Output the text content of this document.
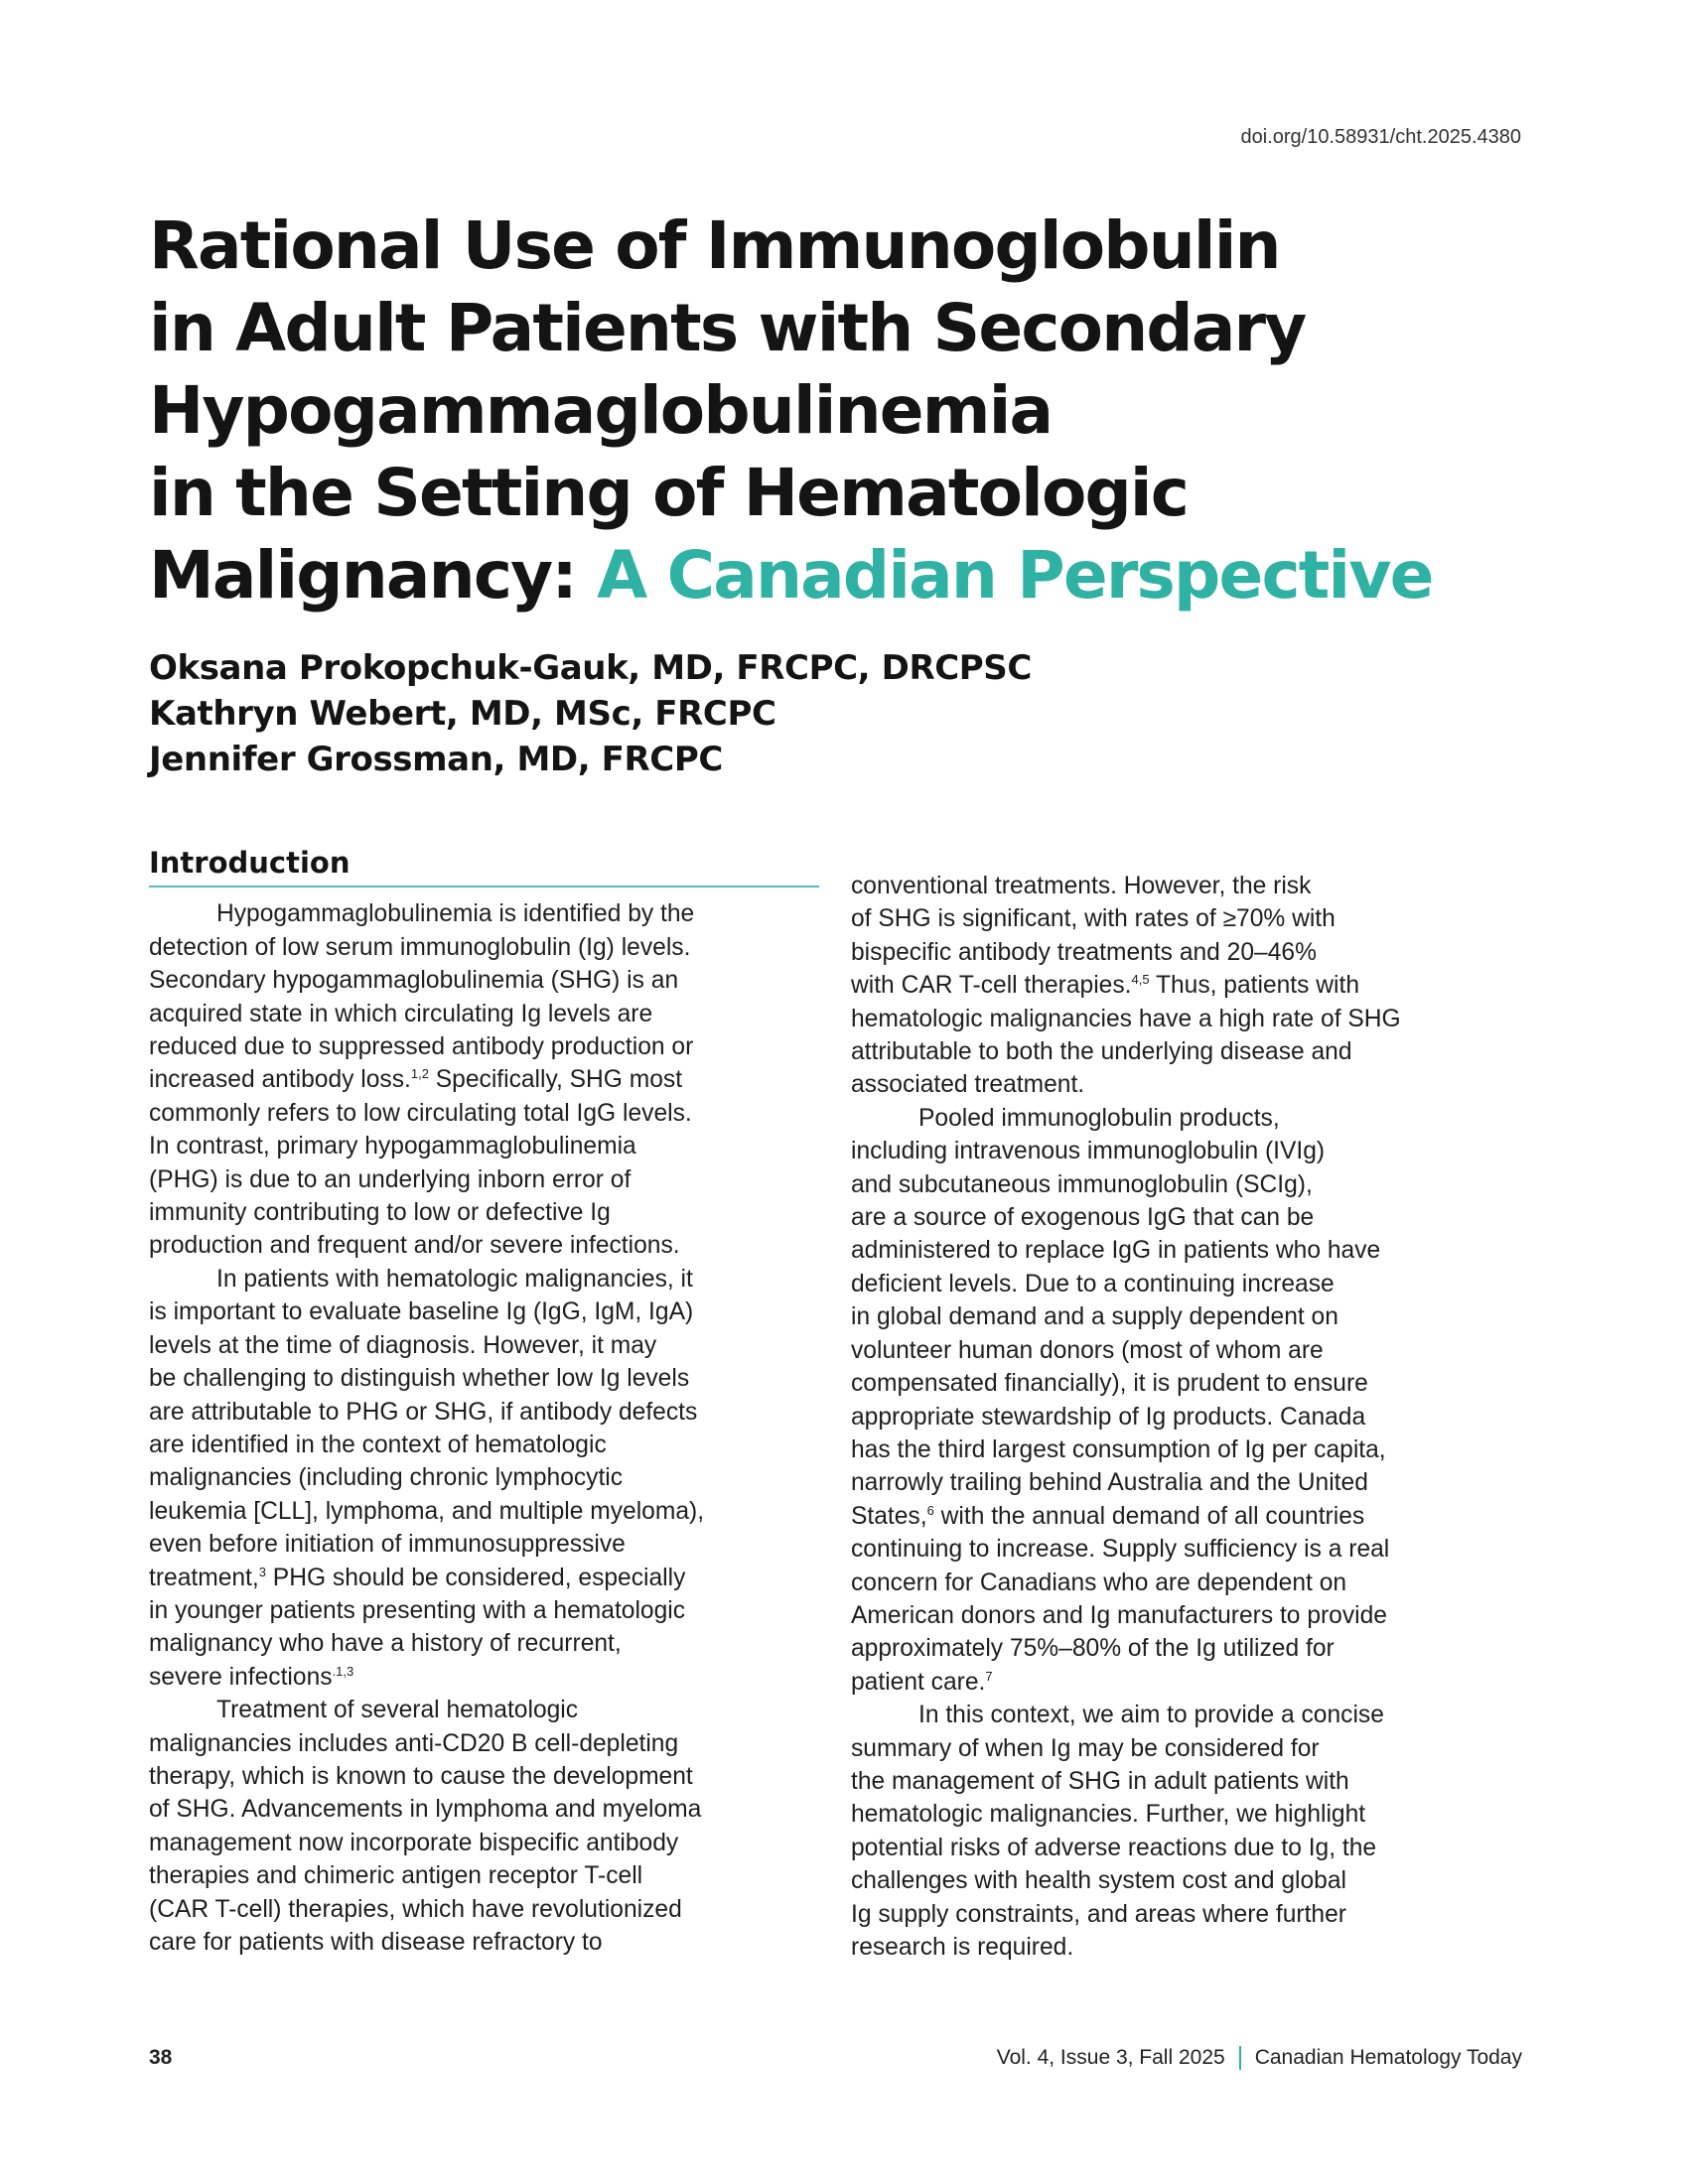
doi.org/10.58931/cht.2025.4380
Rational Use of Immunoglobulin
in Adult Patients with Secondary
Hypogammaglobulinemia
in the Setting of Hematologic
Malignancy: A Canadian Perspective
Oksana Prokopchuk-Gauk, MD, FRCPC, DRCPSC
Kathryn Webert, MD, MSc, FRCPC
Jennifer Grossman, MD, FRCPC
Introduction

Hypogammaglobulinemia is identified by the
detection of low serum immunoglobulin (Ig) levels.
Secondary hypogammaglobulinemia (SHG) is an
acquired state in which circulating Ig levels are
reduced due to suppressed antibody production or
increased antibody loss.$^{1,2}$ Specifically, SHG most
commonly refers to low circulating total IgG levels.
In contrast, primary hypogammaglobulinemia
(PHG) is due to an underlying inborn error of
immunity contributing to low or defective Ig
production and frequent and/or severe infections.

In patients with hematologic malignancies, it
is important to evaluate baseline Ig (IgG, IgM, IgA)
levels at the time of diagnosis. However, it may
be challenging to distinguish whether low Ig levels
are attributable to PHG or SHG, if antibody defects
are identified in the context of hematologic
malignancies (including chronic lymphocytic
leukemia [CLL], lymphoma, and multiple myeloma),
even before initiation of immunosuppressive
treatment,$^3$ PHG should be considered, especially
in younger patients presenting with a hematologic
malignancy who have a history of recurrent,
severe infections$^{.1,3}$

Treatment of several hematologic
malignancies includes anti-CD20 B cell-depleting
therapy, which is known to cause the development
of SHG. Advancements in lymphoma and myeloma
management now incorporate bispecific antibody
therapies and chimeric antigen receptor T-cell
(CAR T-cell) therapies, which have revolutionized
care for patients with disease refractory to

conventional treatments. However, the risk
of SHG is significant, with rates of ≥70% with
bispecific antibody treatments and 20–46%
with CAR T-cell therapies.$^{4,5}$ Thus, patients with
hematologic malignancies have a high rate of SHG
attributable to both the underlying disease and
associated treatment.

Pooled immunoglobulin products,
including intravenous immunoglobulin (IVIg)
and subcutaneous immunoglobulin (SCIg),
are a source of exogenous IgG that can be
administered to replace IgG in patients who have
deficient levels. Due to a continuing increase
in global demand and a supply dependent on
volunteer human donors (most of whom are
compensated financially), it is prudent to ensure
appropriate stewardship of Ig products. Canada
has the third largest consumption of Ig per capita,
narrowly trailing behind Australia and the United
States,$^6$ with the annual demand of all countries
continuing to increase. Supply sufficiency is a real
concern for Canadians who are dependent on
American donors and Ig manufacturers to provide
approximately 75%–80% of the Ig utilized for
patient care.$^7$

In this context, we aim to provide a concise
summary of when Ig may be considered for
the management of SHG in adult patients with
hematologic malignancies. Further, we highlight
potential risks of adverse reactions due to Ig, the
challenges with health system cost and global
Ig supply constraints, and areas where further
research is required.

38	Vol. 4, Issue 3, Fall 2025 Canadian Hematology Today
